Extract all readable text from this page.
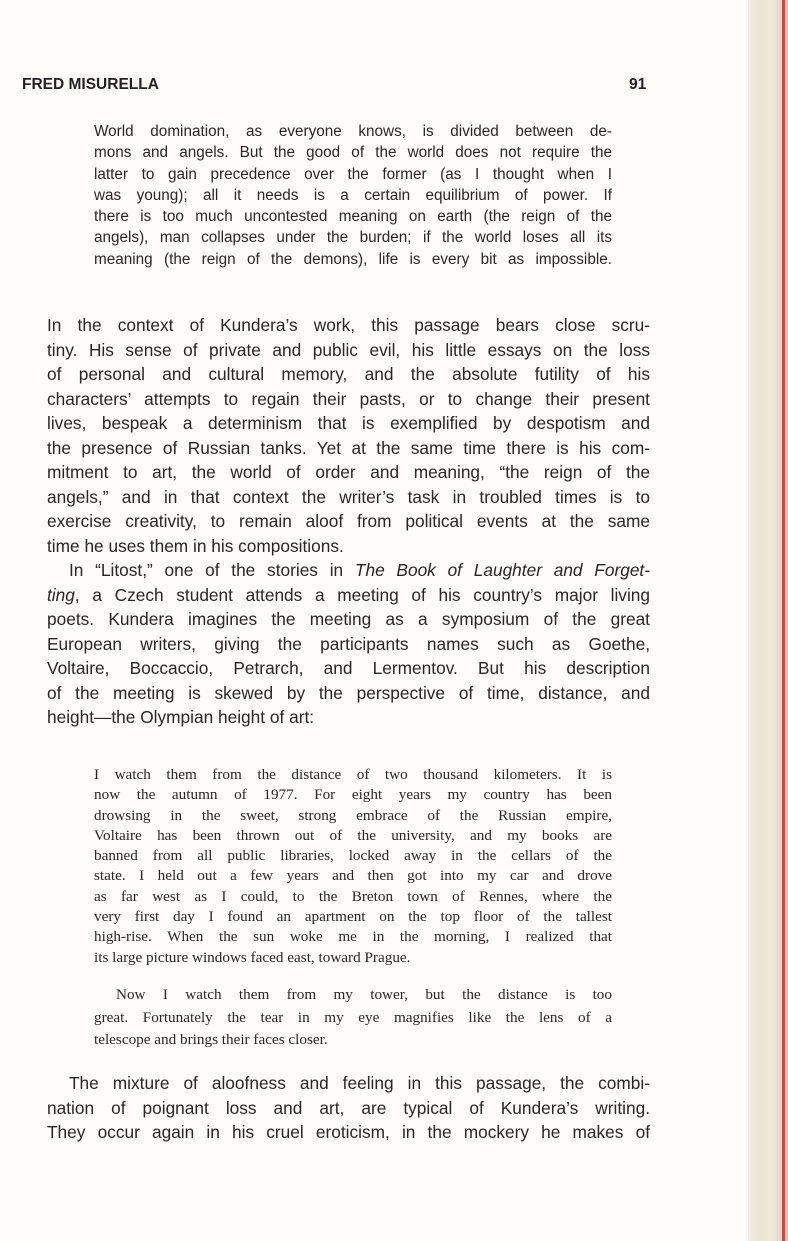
FRED MISURELLA	91
World domination, as everyone knows, is divided between de-
mons and angels. But the good of the world does not require the
latter to gain precedence over the former (as I thought when I
was young); all it needs is a certain equilibrium of power. If
there is too much uncontested meaning on earth (the reign of the
angels), man collapses under the burden; if the world loses all its
meaning (the reign of the demons), life is every bit as impossible.
In the context of Kundera’s work, this passage bears close scru-
tiny. His sense of private and public evil, his little essays on the loss
of personal and cultural memory, and the absolute futility of his
characters’ attempts to regain their pasts, or to change their present
lives, bespeak a determinism that is exemplified by despotism and
the presence of Russian tanks. Yet at the same time there is his com-
mitment to art, the world of order and meaning, “the reign of the
angels,” and in that context the writer’s task in troubled times is to
exercise creativity, to remain aloof from political events at the same
time he uses them in his compositions.
In “Litost,” one of the stories in The Book of Laughter and Forget-
ting, a Czech student attends a meeting of his country’s major living
poets. Kundera imagines the meeting as a symposium of the great
European writers, giving the participants names such as Goethe,
Voltaire, Boccaccio, Petrarch, and Lermentov. But his description
of the meeting is skewed by the perspective of time, distance, and
height—the Olympian height of art:
I watch them from the distance of two thousand kilometers. It is
now the autumn of 1977. For eight years my country has been
drowsing in the sweet, strong embrace of the Russian empire,
Voltaire has been thrown out of the university, and my books are
banned from all public libraries, locked away in the cellars of the
state. I held out a few years and then got into my car and drove
as far west as I could, to the Breton town of Rennes, where the
very first day I found an apartment on the top floor of the tallest
high-rise. When the sun woke me in the morning, I realized that
its large picture windows faced east, toward Prague.
Now I watch them from my tower, but the distance is too
great. Fortunately the tear in my eye magnifies like the lens of a
telescope and brings their faces closer.
The mixture of aloofness and feeling in this passage, the combi-
nation of poignant loss and art, are typical of Kundera’s writing.
They occur again in his cruel eroticism, in the mockery he makes of
